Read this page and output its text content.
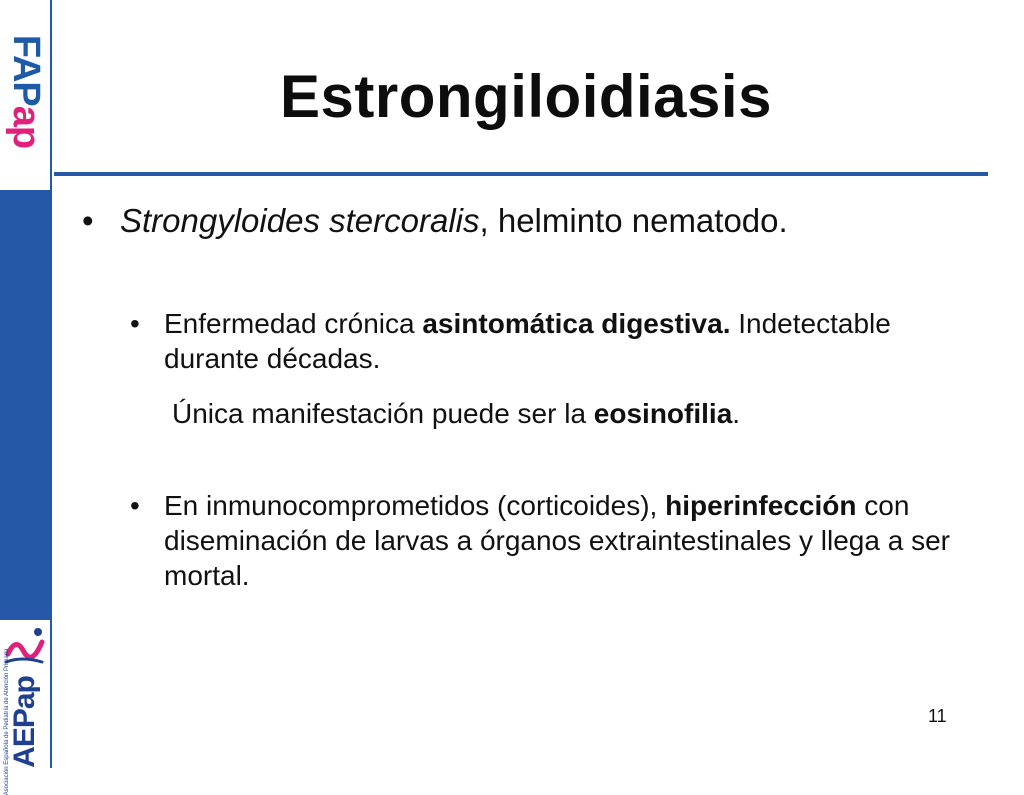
FAPap
Asociación Española de Pediatría de Atención Primaria
AEPap
Estrongiloidiasis
• Strongyloides stercoralis, helminto nematodo.
• Enfermedad crónica asintomática digestiva. Indetectable durante décadas.
Única manifestación puede ser la eosinofilia.
• En inmunocomprometidos (corticoides), hiperinfección con diseminación de larvas a órganos extraintestinales y llega a ser mortal.
11
